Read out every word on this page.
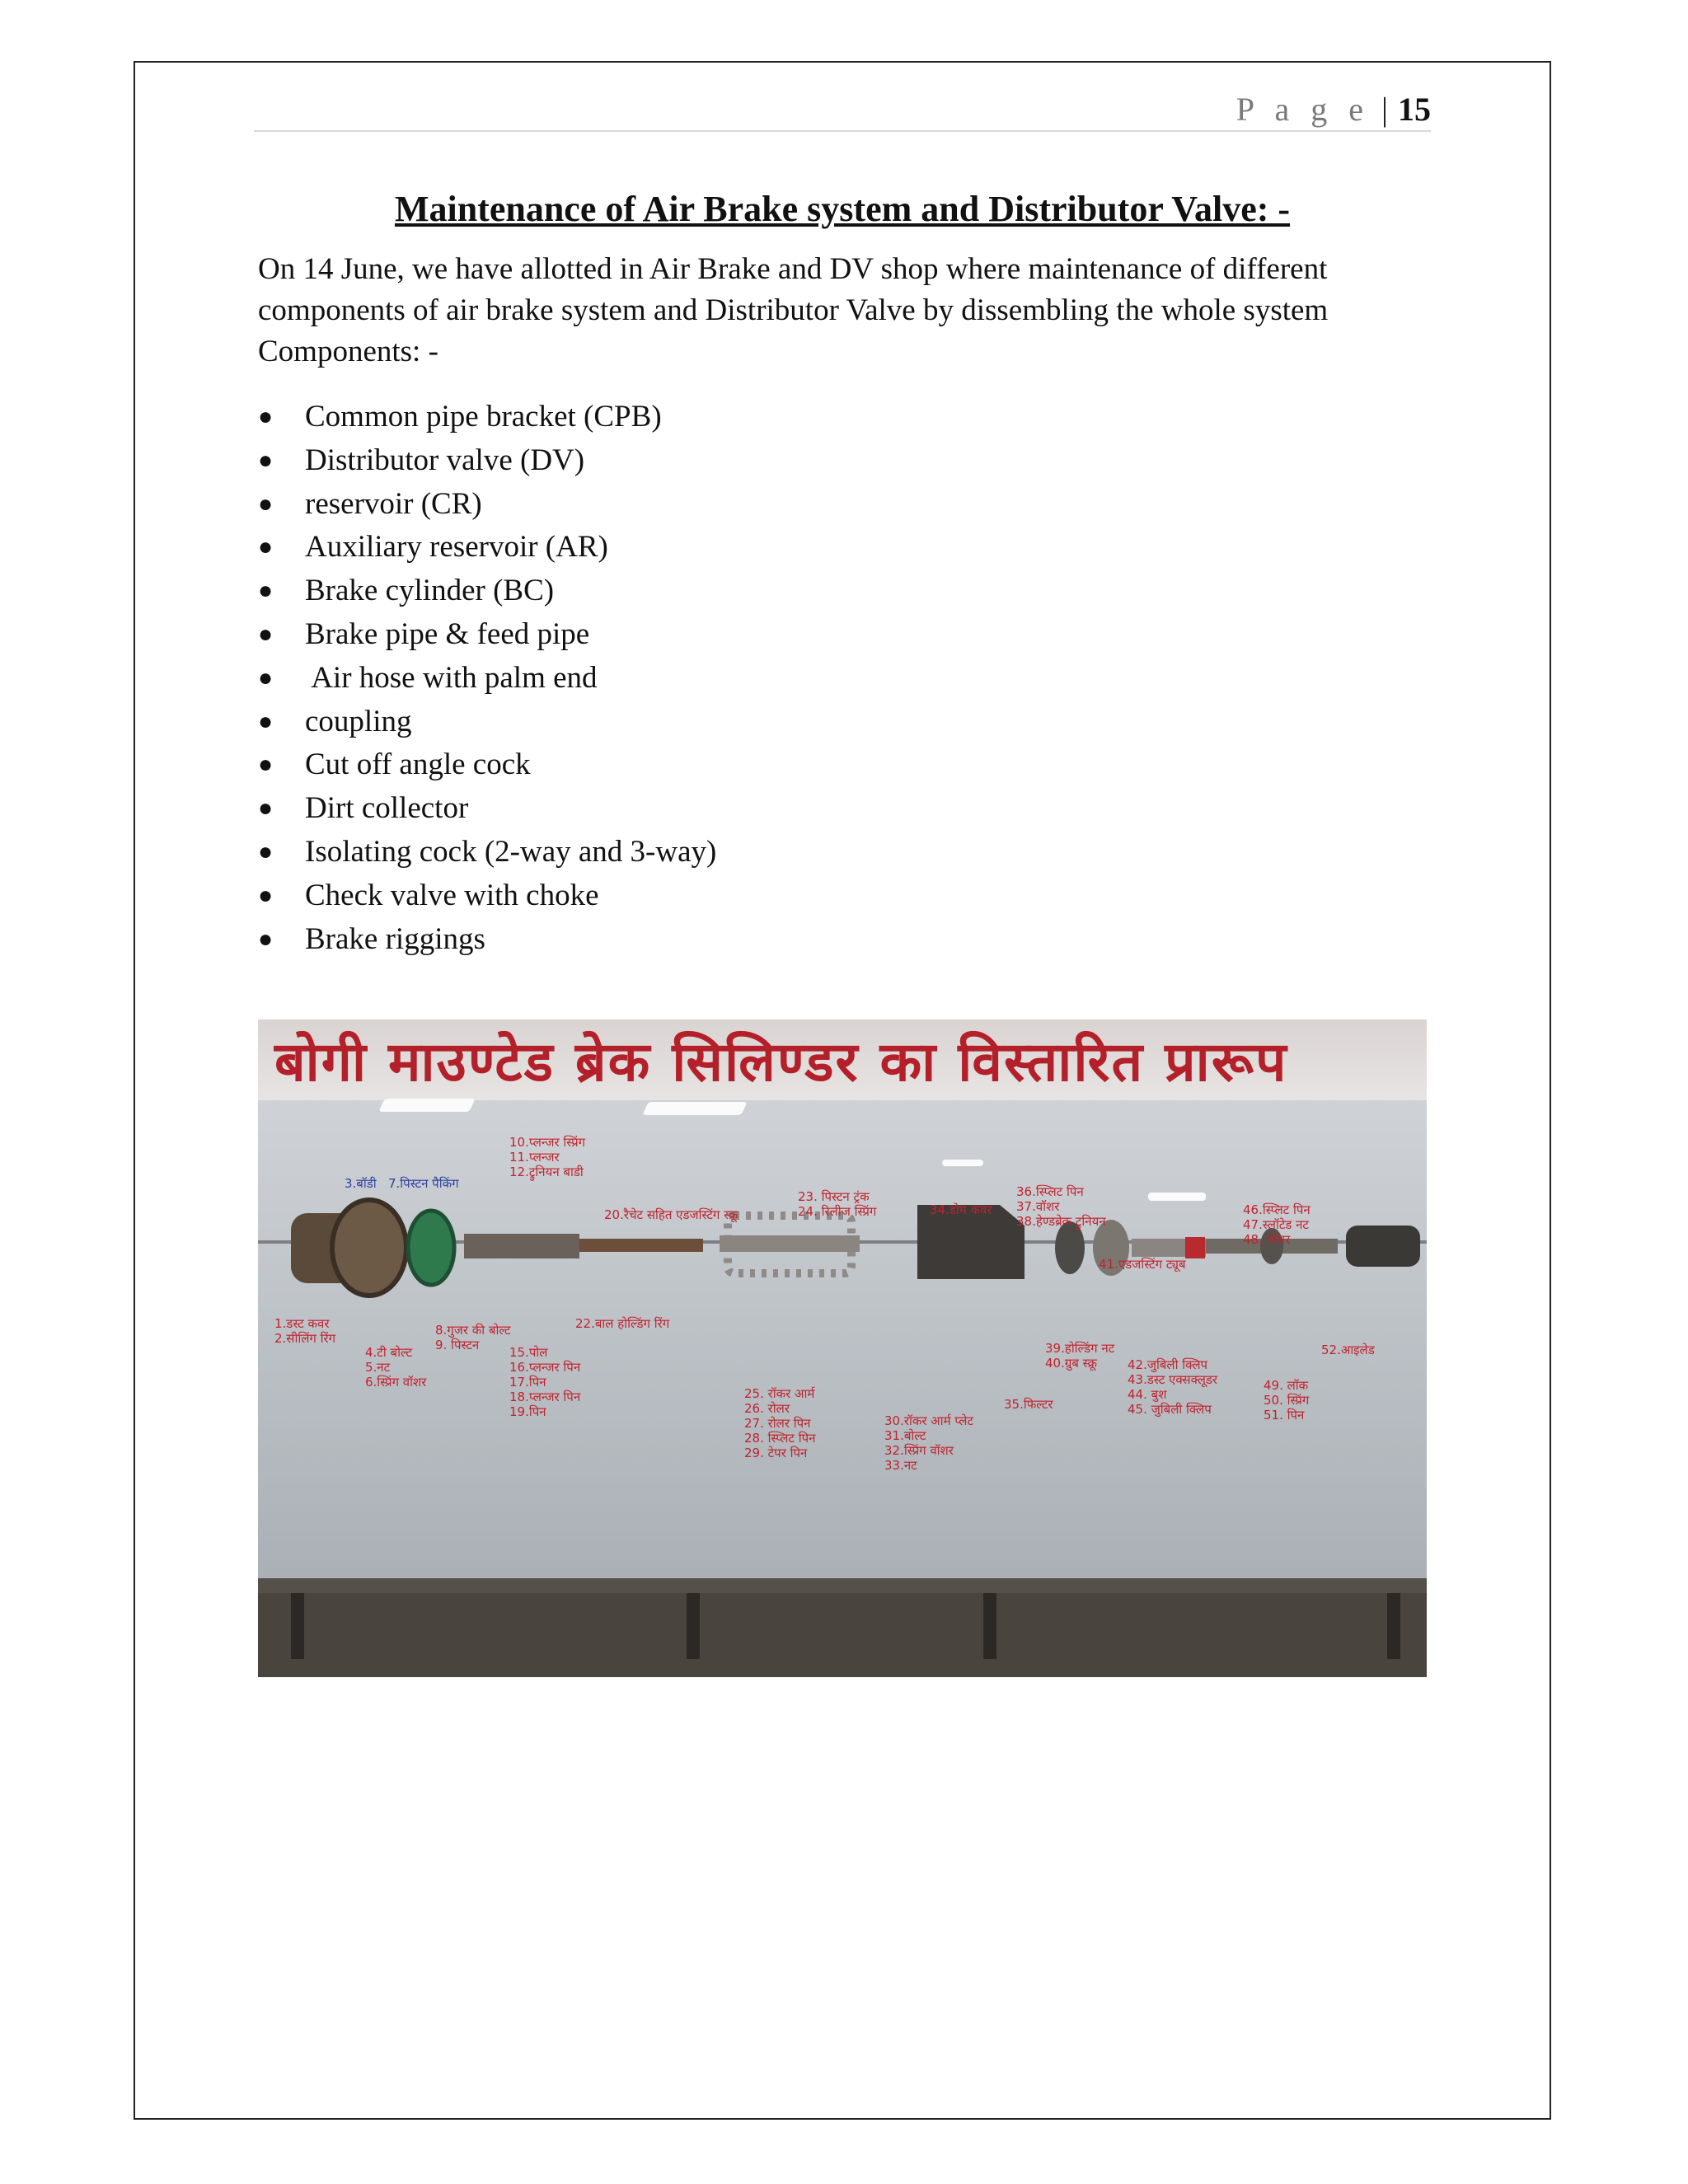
P a g e | 15
Maintenance of Air Brake system and Distributor Valve: -

On 14 June, we have allotted in Air Brake and DV shop where maintenance of different

components of air brake system and Distributor Valve by dissembling the whole system

Components: -

● Common pipe bracket (CPB)
● Distributor valve (DV)
● reservoir (CR)
● Auxiliary reservoir (AR)
● Brake cylinder (BC)
● Brake pipe & feed pipe
● Air hose with palm end
● coupling
● Cut off angle cock
● Dirt collector
● Isolating cock (2-way and 3-way)
● Check valve with choke
● Brake riggings
बोगी माउण्टेड ब्रेक सिलिण्डर का विस्तारित प्रारूप
10.प्लन्जर स्प्रिंग
11.प्लन्जर
12.ट्रुनियन बाडी
3.बॉडी   7.पिस्टन पैकिंग
20.रैचेट सहित एडजस्टिंग स्क्रू
23. पिस्टन ट्रंक
24. रिलीज स्प्रिंग	34.डोम कवर
36.स्प्लिट पिन
37.वॉशर
38.हेण्डब्रेक ट्रुनियन
41.एडजस्टिंग ट्यूब
46.स्प्लिट पिन
47.स्लॉटेड नट
48. वॉशर
22.बाल होल्डिंग रिंग
15.पोल
16.प्लन्जर पिन
17.पिन
18.प्लन्जर पिन
19.पिन
8.गुजर की बोल्ट
9. पिस्टन
4.टी बोल्ट
5.नट
6.स्प्रिंग वॉशर
1.डस्ट कवर
2.सीलिंग रिंग
25. रॉकर आर्म
26. रोलर
27. रोलर पिन
28. स्प्लिट पिन
29. टेपर पिन
30.रॉकर आर्म प्लेट
31.बोल्ट
32.स्प्रिंग वॉशर
33.नट
35.फिल्टर
39.होल्डिंग नट
40.ग्रुब स्क्रू	42.जुबिली क्लिप
43.डस्ट एक्सक्लूडर
44. बुश
45. जुबिली क्लिप
49. लॉक
50. स्प्रिंग
51. पिन
52.आइलेड
